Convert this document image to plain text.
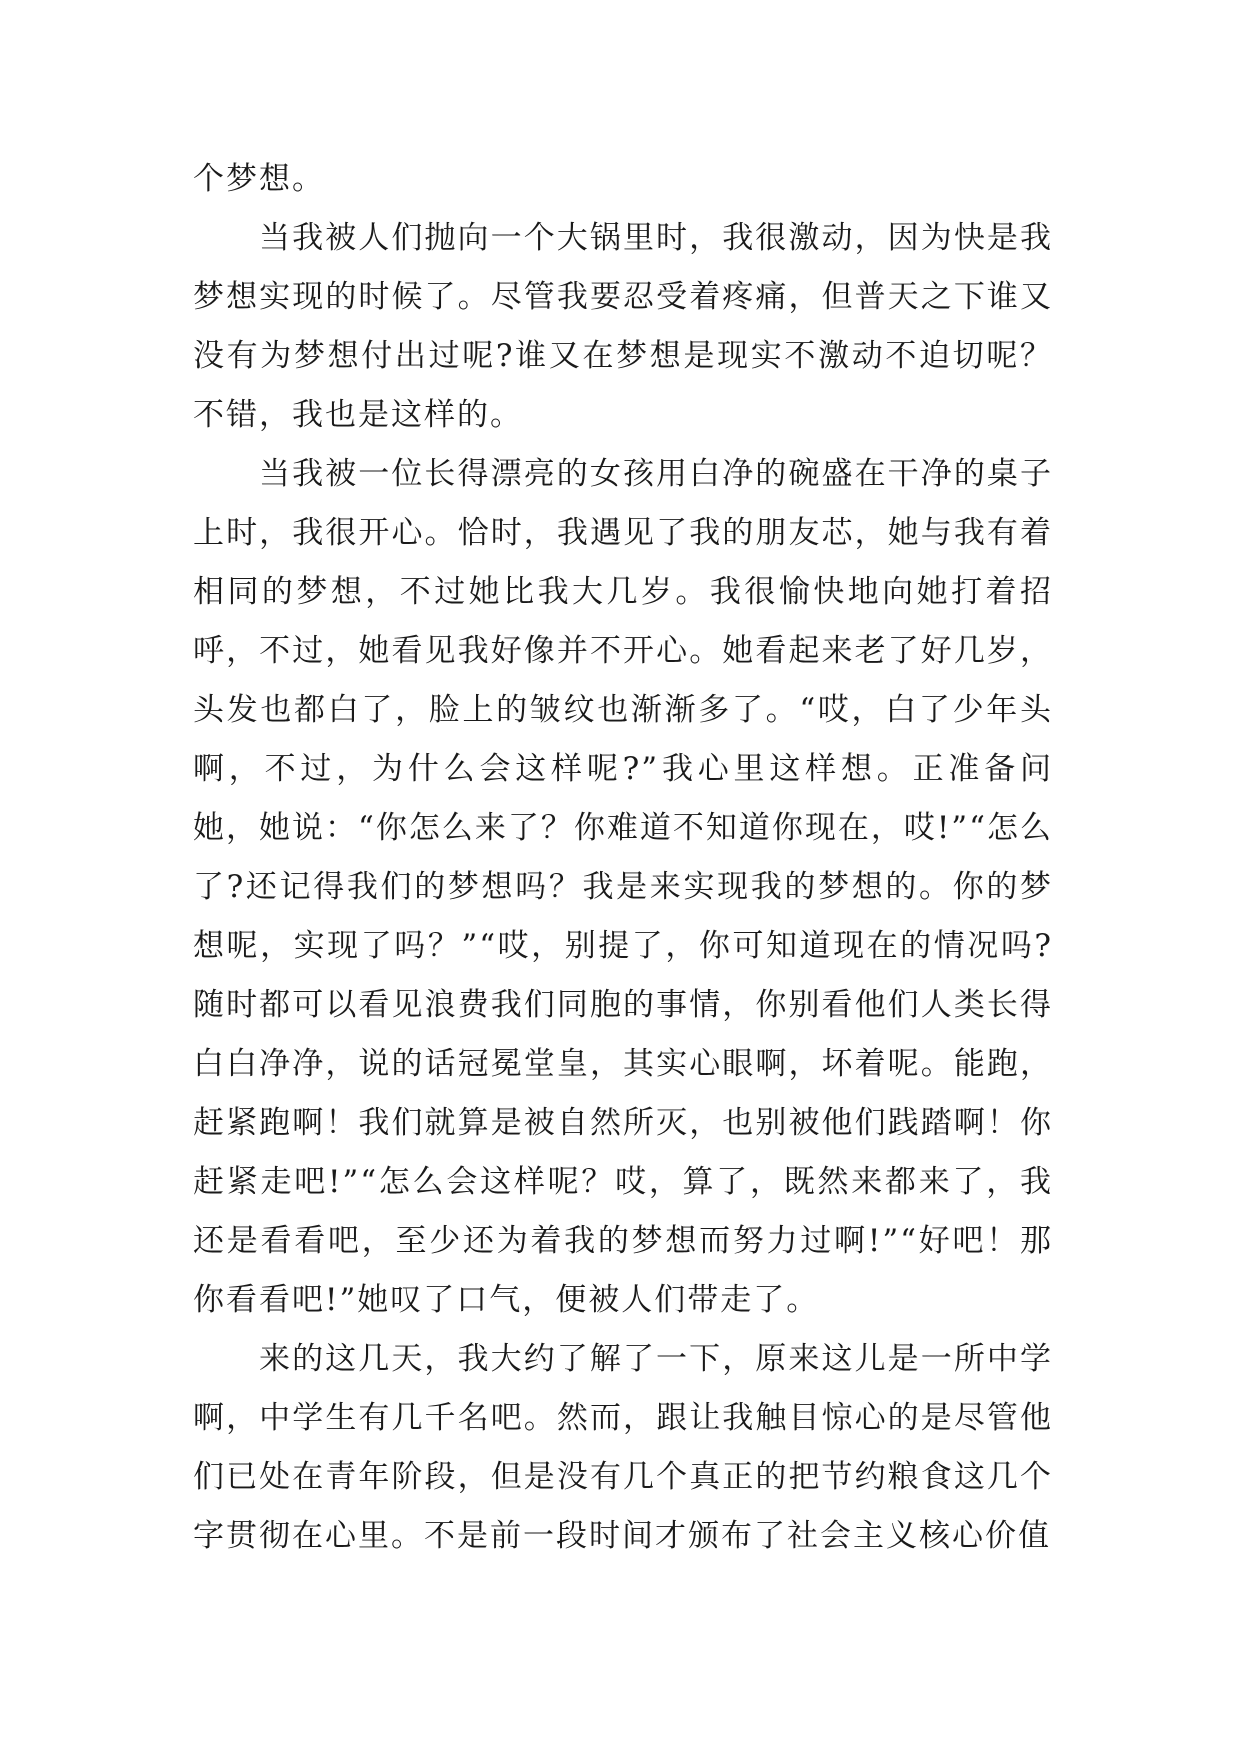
个梦想。

当我被人们抛向一个大锅里时，我很激动，因为快是我梦想实现的时候了。尽管我要忍受着疼痛，但普天之下谁又没有为梦想付出过呢?谁又在梦想是现实不激动不迫切呢？不错，我也是这样的。

当我被一位长得漂亮的女孩用白净的碗盛在干净的桌子上时，我很开心。恰时，我遇见了我的朋友芯，她与我有着相同的梦想，不过她比我大几岁。我很愉快地向她打着招呼，不过，她看见我好像并不开心。她看起来老了好几岁，头发也都白了，脸上的皱纹也渐渐多了。“哎，白了少年头啊，不过，为什么会这样呢?”我心里这样想。正准备问她，她说：“你怎么来了？你难道不知道你现在，哎!”“怎么了?还记得我们的梦想吗？我是来实现我的梦想的。你的梦想呢，实现了吗？”“哎，别提了，你可知道现在的情况吗?随时都可以看见浪费我们同胞的事情，你别看他们人类长得白白净净，说的话冠冕堂皇，其实心眼啊，坏着呢。能跑，赶紧跑啊！我们就算是被自然所灭，也别被他们践踏啊！你赶紧走吧!”“怎么会这样呢？哎，算了，既然来都来了，我还是看看吧，至少还为着我的梦想而努力过啊!”“好吧！那你看看吧!”她叹了口气，便被人们带走了。

来的这几天，我大约了解了一下，原来这儿是一所中学啊，中学生有几千名吧。然而，跟让我触目惊心的是尽管他们已处在青年阶段，但是没有几个真正的把节约粮食这几个字贯彻在心里。不是前一段时间才颁布了社会主义核心价值
